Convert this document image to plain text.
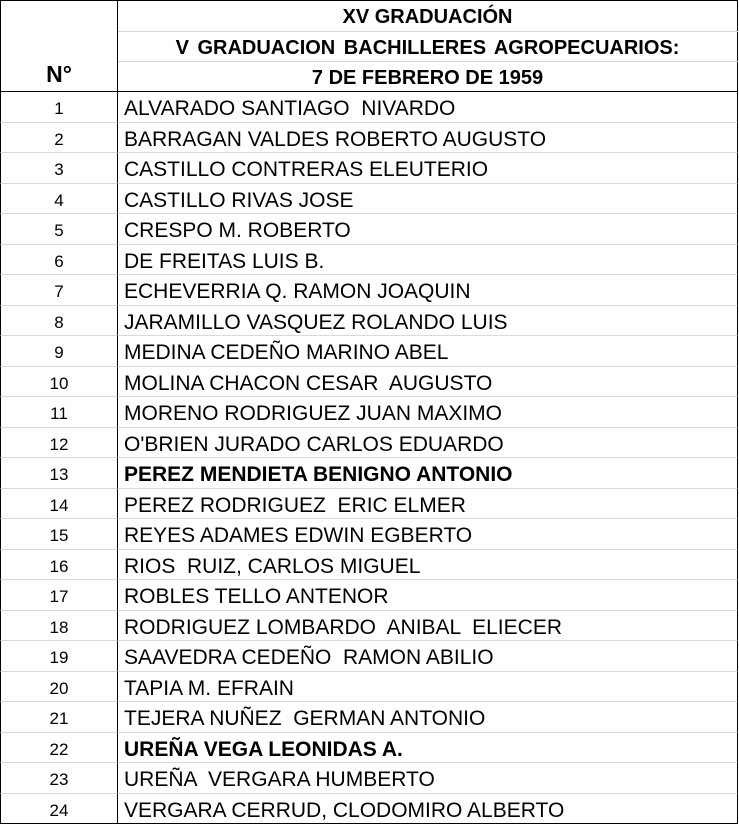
N°
XV GRADUACIÓN
V GRADUACION BACHILLERES AGROPECUARIOS:
7 DE FEBRERO DE 1959
1	ALVARADO SANTIAGO  NIVARDO
2	BARRAGAN VALDES ROBERTO AUGUSTO
3	CASTILLO CONTRERAS ELEUTERIO
4	CASTILLO RIVAS JOSE
5	CRESPO M. ROBERTO
6	DE FREITAS LUIS B.
7	ECHEVERRIA Q. RAMON JOAQUIN
8	JARAMILLO VASQUEZ ROLANDO LUIS
9	MEDINA CEDEÑO MARINO ABEL
10	MOLINA CHACON CESAR  AUGUSTO
11	MORENO RODRIGUEZ JUAN MAXIMO
12	O'BRIEN JURADO CARLOS EDUARDO
13	PEREZ MENDIETA BENIGNO ANTONIO
14	PEREZ RODRIGUEZ  ERIC ELMER
15	REYES ADAMES EDWIN EGBERTO
16	RIOS  RUIZ, CARLOS MIGUEL
17	ROBLES TELLO ANTENOR
18	RODRIGUEZ LOMBARDO  ANIBAL  ELIECER
19	SAAVEDRA CEDEÑO  RAMON ABILIO
20	TAPIA M. EFRAIN
21	TEJERA NUÑEZ  GERMAN ANTONIO
22	UREÑA VEGA LEONIDAS A.
23	UREÑA  VERGARA HUMBERTO
24	VERGARA CERRUD, CLODOMIRO ALBERTO
